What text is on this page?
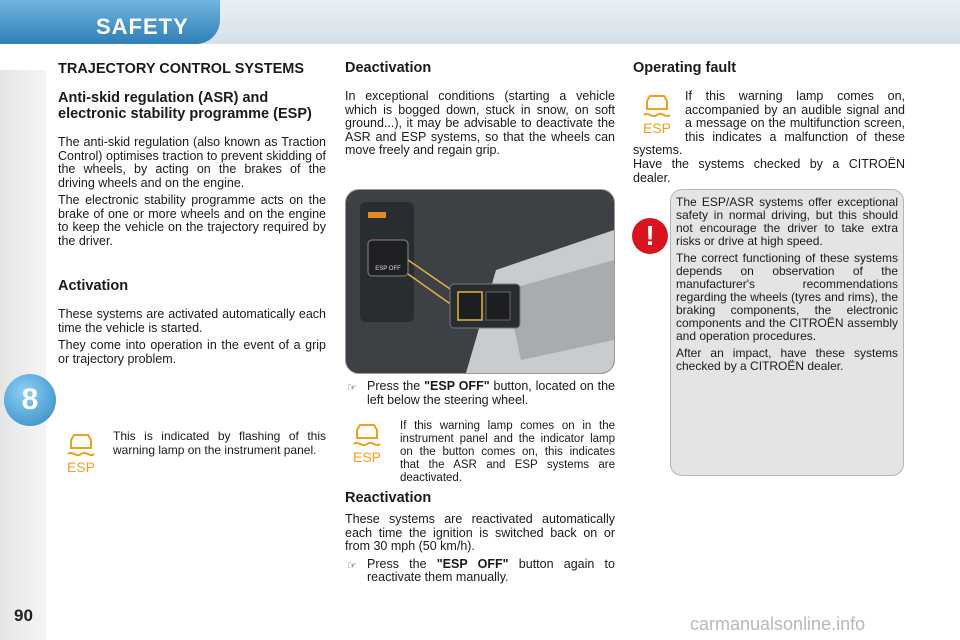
SAFETY
8
90
TRAJECTORY CONTROL SYSTEMS
Anti-skid regulation (ASR) and electronic stability programme (ESP)

The anti-skid regulation (also known as Traction Control) optimises traction to prevent skidding of the wheels, by acting on the brakes of the driving wheels and on the engine.

The electronic stability programme acts on the brake of one or more wheels and on the engine to keep the vehicle on the trajectory required by the driver.

Activation

These systems are activated automatically each time the vehicle is started.

They come into operation in the event of a grip or trajectory problem.

ESP

This is indicated by flashing of this warning lamp on the instrument panel.

Deactivation

In exceptional conditions (starting a vehicle which is bogged down, stuck in snow, on soft ground...), it may be advisable to deactivate the ASR and ESP systems, so that the wheels can move freely and regain grip.

ESP OFF
☞ Press the "ESP OFF" button, located on the left below the steering wheel.

ESP

If this warning lamp comes on in the instrument panel and the indicator lamp on the button comes on, this indicates that the ASR and ESP systems are deactivated.

Reactivation

These systems are reactivated automatically each time the ignition is switched back on or from 30 mph (50 km/h).

☞ Press the "ESP OFF" button again to reactivate them manually.

Operating fault
ESP

If this warning lamp comes on, accompanied by an audible signal and a message on the multifunction screen, this indicates a malfunction of these systems.

Have the systems checked by a CITROËN dealer.

!

The ESP/ASR systems offer exceptional safety in normal driving, but this should not encourage the driver to take extra risks or drive at high speed.

The correct functioning of these systems depends on observation of the manufacturer's recommendations regarding the wheels (tyres and rims), the braking components, the electronic components and the CITROËN assembly and operation procedures.

After an impact, have these systems checked by a CITROËN dealer.

carmanualsonline.info
